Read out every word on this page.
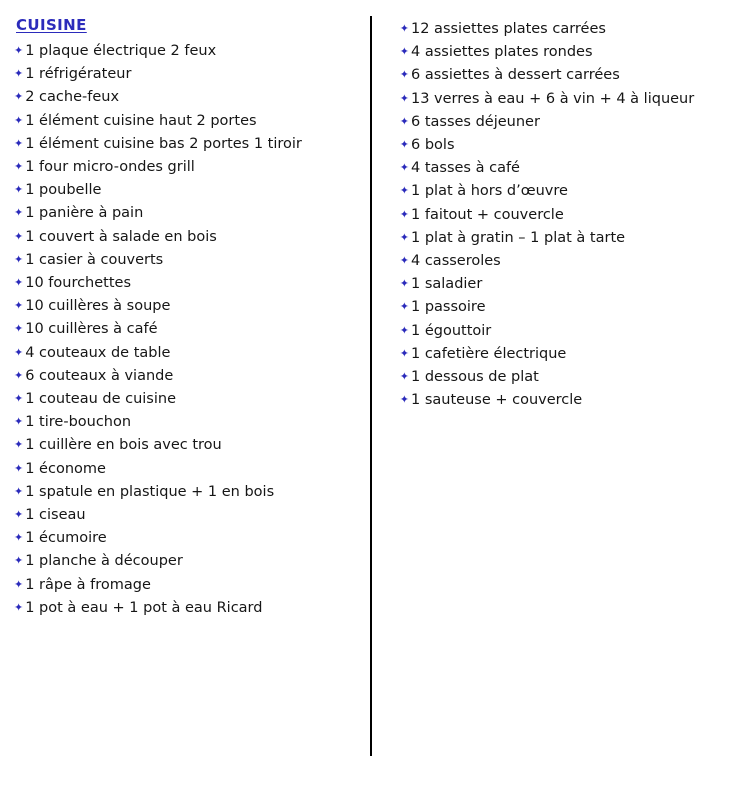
CUISINE
✦ 1 plaque électrique 2 feux
✦ 1 réfrigérateur
✦ 2 cache-feux
✦ 1 élément cuisine haut 2 portes
✦ 1 élément cuisine bas 2 portes 1 tiroir
✦ 1 four micro-ondes grill
✦ 1 poubelle
✦ 1 panière à pain
✦ 1 couvert à salade en bois
✦ 1 casier à couverts
✦ 10 fourchettes
✦ 10 cuillères à soupe
✦ 10 cuillères à café
✦ 4 couteaux de table
✦ 6 couteaux à viande
✦ 1 couteau de cuisine
✦ 1 tire-bouchon
✦ 1 cuillère en bois avec trou
✦ 1 économe
✦ 1 spatule en plastique + 1 en bois
✦ 1 ciseau
✦ 1 écumoire
✦ 1 planche à découper
✦ 1 râpe à fromage
✦ 1 pot à eau + 1 pot à eau Ricard
✦ 12 assiettes plates carrées
✦ 4 assiettes plates rondes
✦ 6 assiettes à dessert carrées
✦ 13 verres à eau + 6 à vin + 4 à liqueur
✦ 6 tasses déjeuner
✦ 6 bols
✦ 4 tasses à café
✦ 1 plat à hors d’œuvre
✦ 1 faitout + couvercle
✦ 1 plat à gratin – 1 plat à tarte
✦ 4 casseroles
✦ 1 saladier
✦ 1 passoire
✦ 1 égouttoir
✦ 1 cafetière électrique
✦ 1 dessous de plat
✦ 1 sauteuse + couvercle
